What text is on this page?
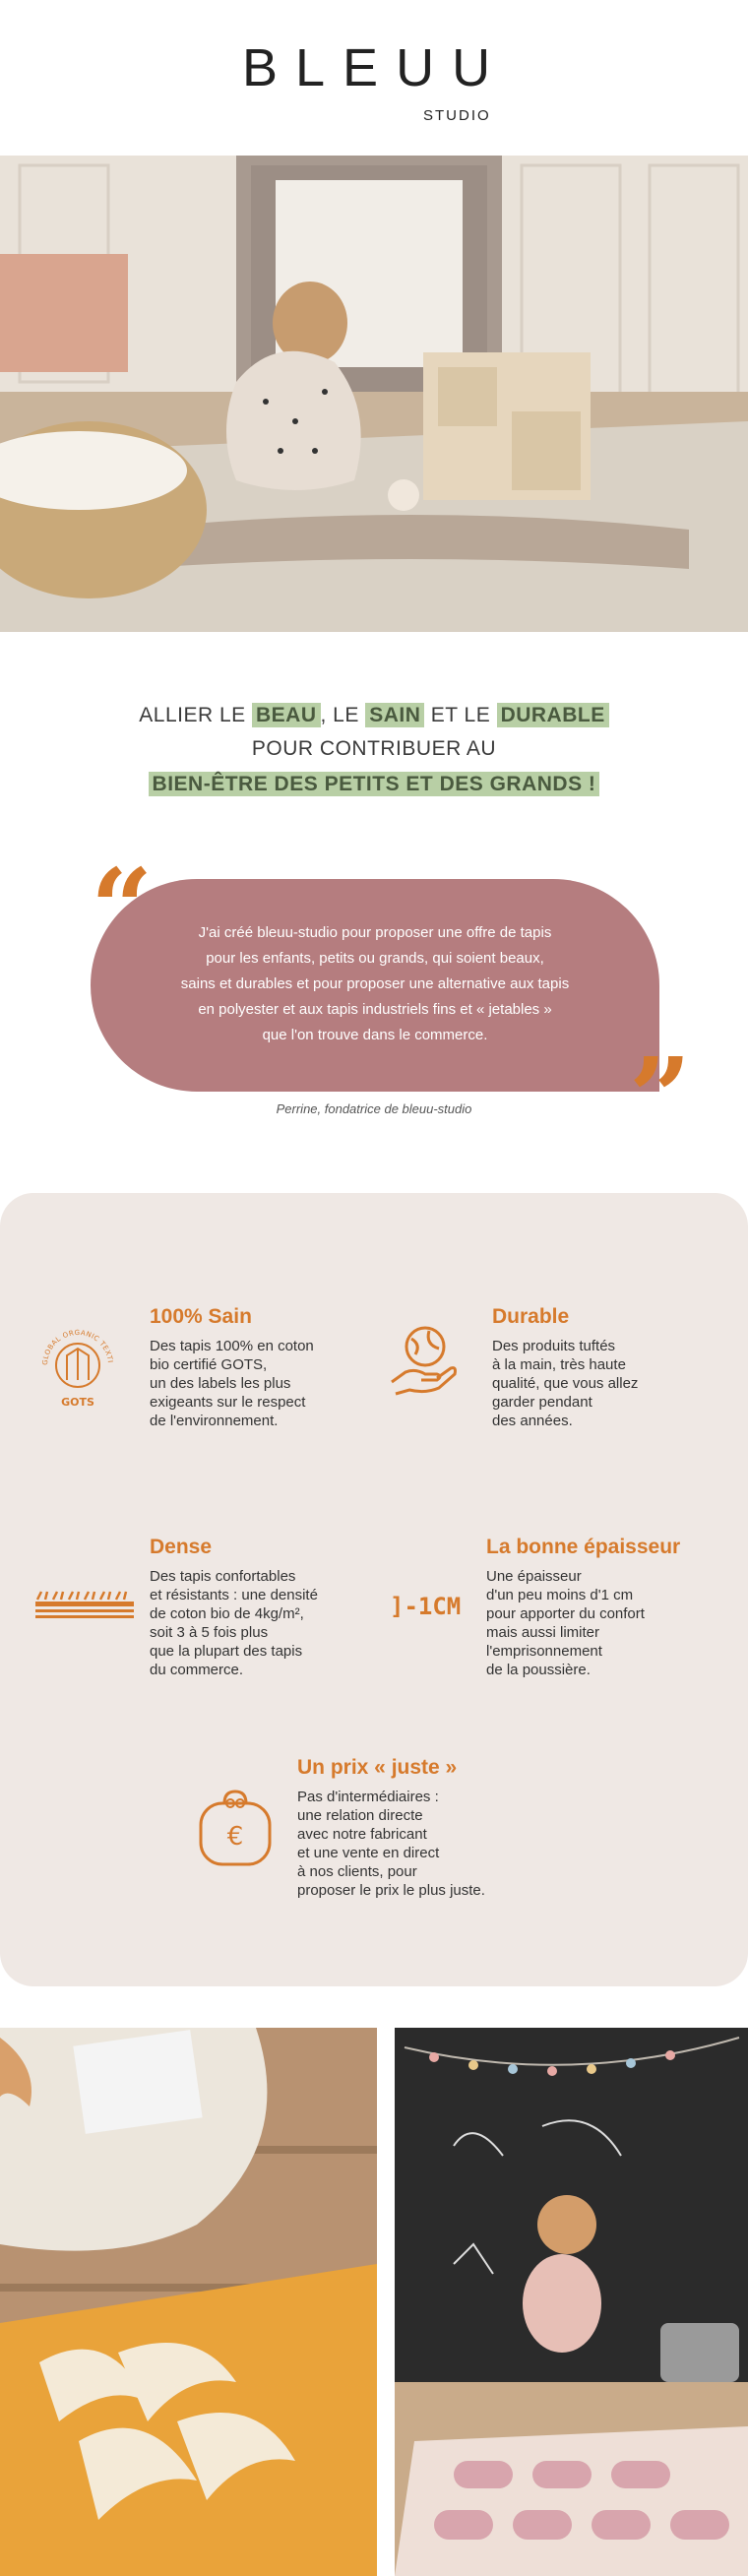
BLEUU
STUDIO
ALLIER LE BEAU , LE SAIN ET LE DURABLE
POUR CONTRIBUER AU
BIEN-ÊTRE DES PETITS ET DES GRANDS !
J'ai créé bleuu-studio pour proposer une offre de tapis
pour les enfants, petits ou grands, qui soient beaux,
sains et durables et pour proposer une alternative aux tapis
en polyester et aux tapis industriels fins et « jetables »
que l'on trouve dans le commerce.
“
”
Perrine, fondatrice de bleuu-studio
GLOBAL ORGANIC TEXTI
GOTS
100% Sain
Des tapis 100% en coton
bio certifié GOTS,
un des labels les plus
exigeants sur le respect
de l'environnement.
Durable
Des produits tuftés
à la main, très haute
qualité, que vous allez
garder pendant
des années.
Dense
Des tapis confortables
et résistants : une densité
de coton bio de 4kg/m²,
soit 3 à 5 fois plus
que la plupart des tapis
du commerce.
]-1CM
La bonne épaisseur
Une épaisseur
d'un peu moins d'1 cm
pour apporter du confort
mais aussi limiter
l'emprisonnement
de la poussière.
€
Un prix « juste »
Pas d'intermédiaires :
une relation directe
avec notre fabricant
et une vente en direct
à nos clients, pour
proposer le prix le plus juste.
